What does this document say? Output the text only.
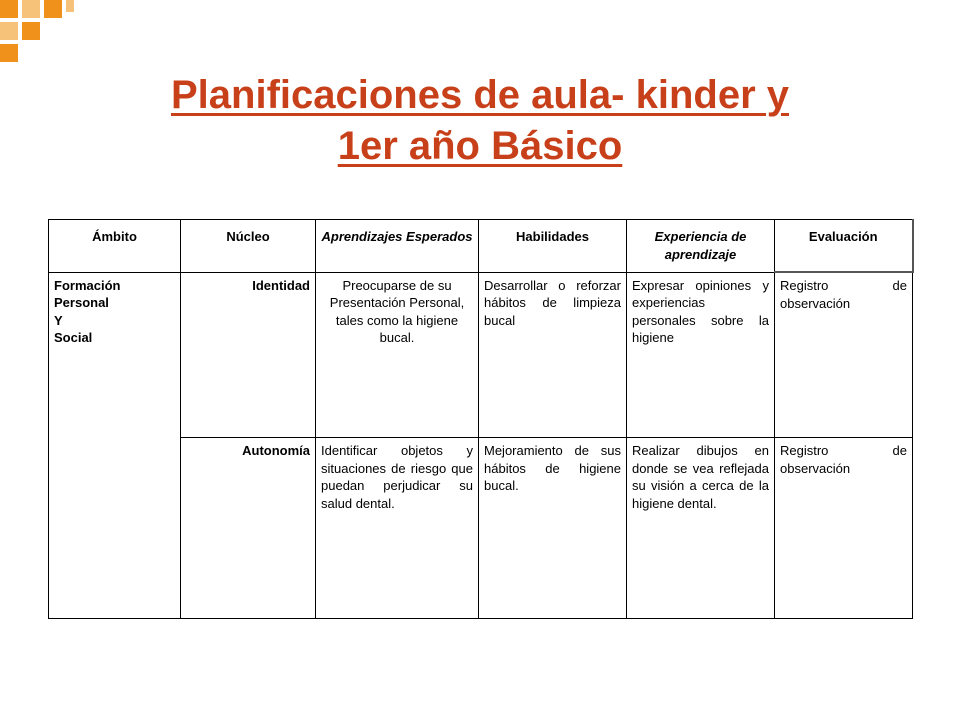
Planificaciones de aula- kinder y
1er año Básico
Ámbito	Núcleo	Aprendizajes Esperados	Habilidades	Experiencia de aprendizaje	Evaluación
Formación
Personal
Y
Social	Identidad	Preocuparse de su Presentación Personal, tales como la higiene bucal.	Desarrollar o reforzar hábitos de limpieza bucal	Expresar opiniones y experiencias personales sobre la higiene	Registro de observación
	Autonomía	Identificar objetos y situaciones de riesgo que puedan perjudicar su salud dental.	Mejoramiento de sus hábitos de higiene bucal.	Realizar dibujos en donde se vea reflejada su visión a cerca de la higiene dental.	Registro de observación
